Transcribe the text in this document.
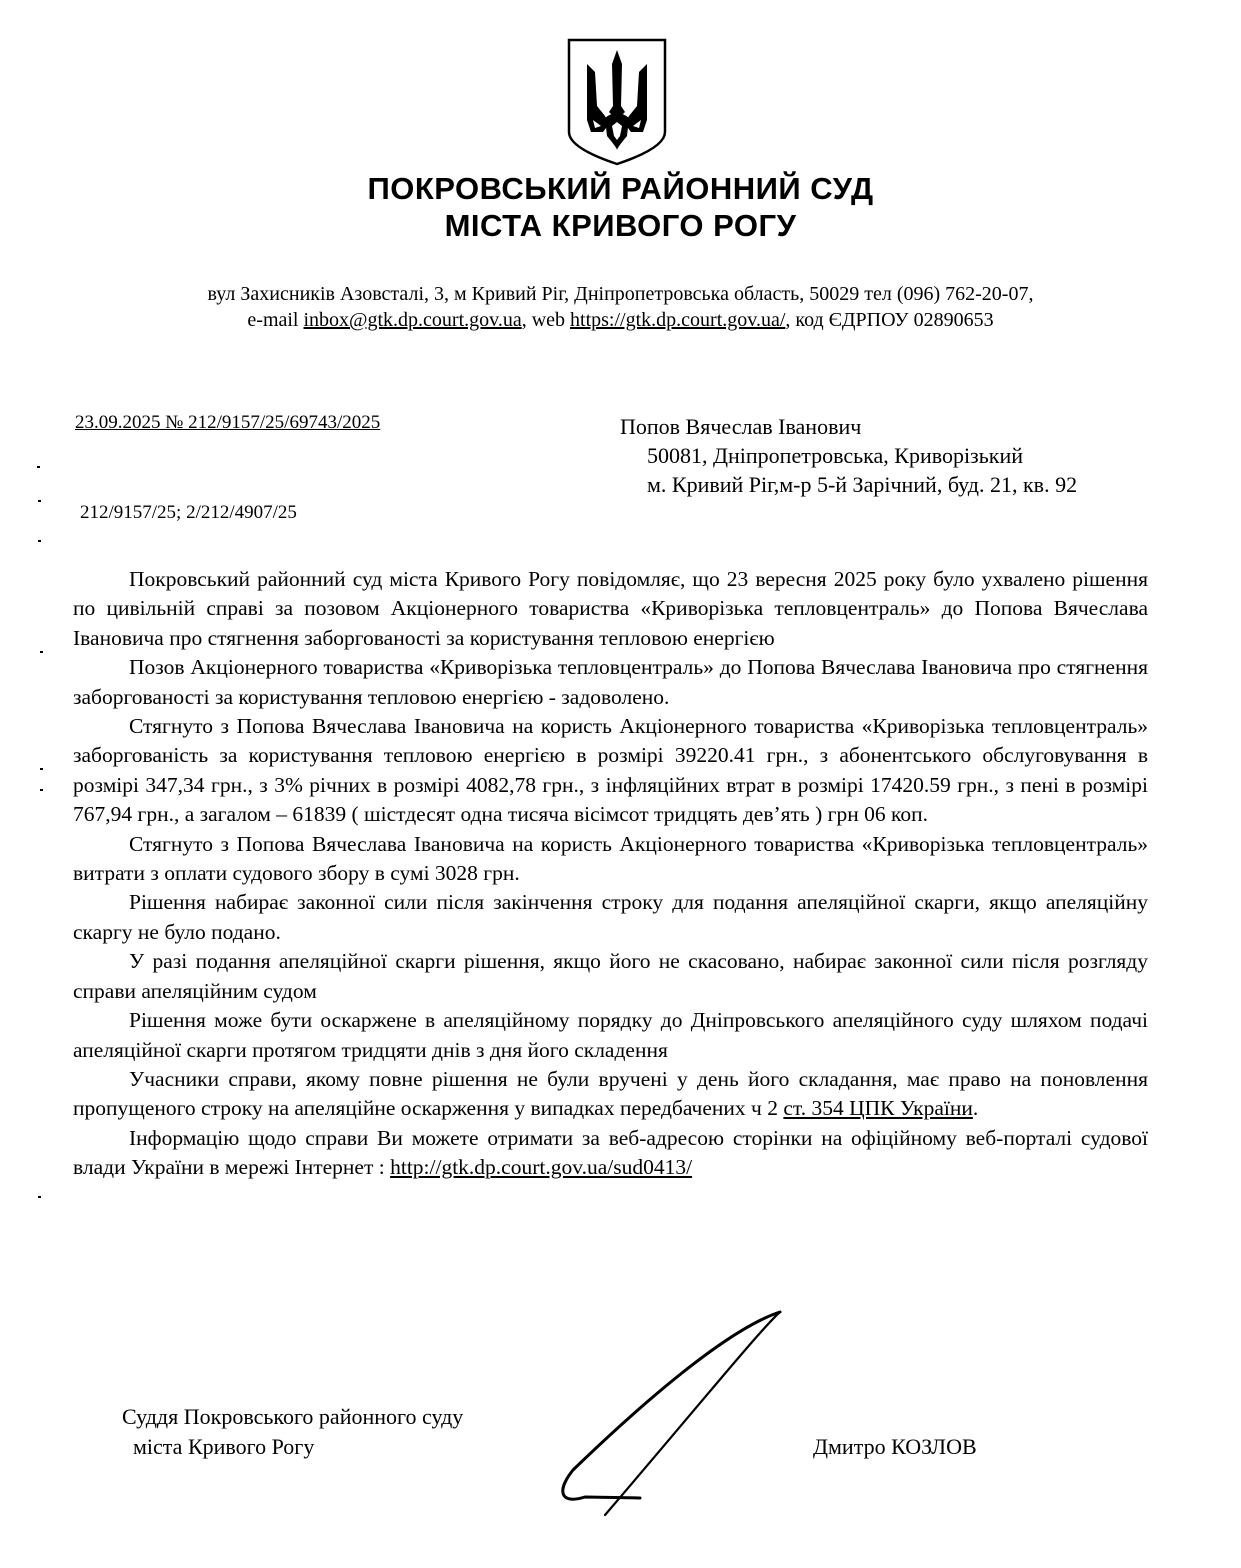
ПОКРОВСЬКИЙ РАЙОННИЙ СУД
МІСТА КРИВОГО РОГУ
вул Захисників Азовсталі, 3, м Кривий Ріг, Дніпропетровська область, 50029 тел (096) 762-20-07,
e-mail inbox@gtk.dp.court.gov.ua, web https://gtk.dp.court.gov.ua/, код ЄДРПОУ 02890653
23.09.2025 № 212/9157/25/69743/2025
212/9157/25; 2/212/4907/25
Попов Вячеслав Іванович
50081, Дніпропетровська, Криворізький
м. Кривий Ріг,м-р 5-й Зарічний, буд. 21, кв. 92

Покровський районний суд міста Кривого Рогу повідомляє, що 23 вересня 2025 року було ухвалено рішення по цивільній справі за позовом Акціонерного товариства «Криворізька тепловцентраль» до Попова Вячеслава Івановича про стягнення заборгованості за користування тепловою енергією

Позов Акціонерного товариства «Криворізька тепловцентраль» до Попова Вячеслава Івановича про стягнення заборгованості за користування тепловою енергією - задоволено.

Стягнуто з Попова Вячеслава Івановича на користь Акціонерного товариства «Криворізька тепловцентраль» заборгованість за користування тепловою енергією в розмірі 39220.41 грн., з абонентського обслуговування в розмірі 347,34 грн., з 3% річних в розмірі 4082,78 грн., з інфляційних втрат в розмірі 17420.59 грн., з пені в розмірі 767,94 грн., а загалом – 61839 ( шістдесят одна тисяча вісімсот тридцять дев’ять ) грн 06 коп.

Стягнуто з Попова Вячеслава Івановича на користь Акціонерного товариства «Криворізька тепловцентраль» витрати з оплати судового збору в сумі 3028 грн.

Рішення набирає законної сили після закінчення строку для подання апеляційної скарги, якщо апеляційну скаргу не було подано.

У разі подання апеляційної скарги рішення, якщо його не скасовано, набирає законної сили після розгляду справи апеляційним судом

Рішення може бути оскаржене в апеляційному порядку до Дніпровського апеляційного суду шляхом подачі апеляційної скарги протягом тридцяти днів з дня його складення

Учасники справи, якому повне рішення не були вручені у день його складання, має право на поновлення пропущеного строку на апеляційне оскарження у випадках передбачених ч 2 ст. 354 ЦПК України.

Інформацію щодо справи Ви можете отримати за веб-адресою сторінки на офіційному веб-порталі судової влади України в мережі Інтернет : http://gtk.dp.court.gov.ua/sud0413/

Суддя Покровського районного суду
міста Кривого Рогу	Дмитро КОЗЛОВ
